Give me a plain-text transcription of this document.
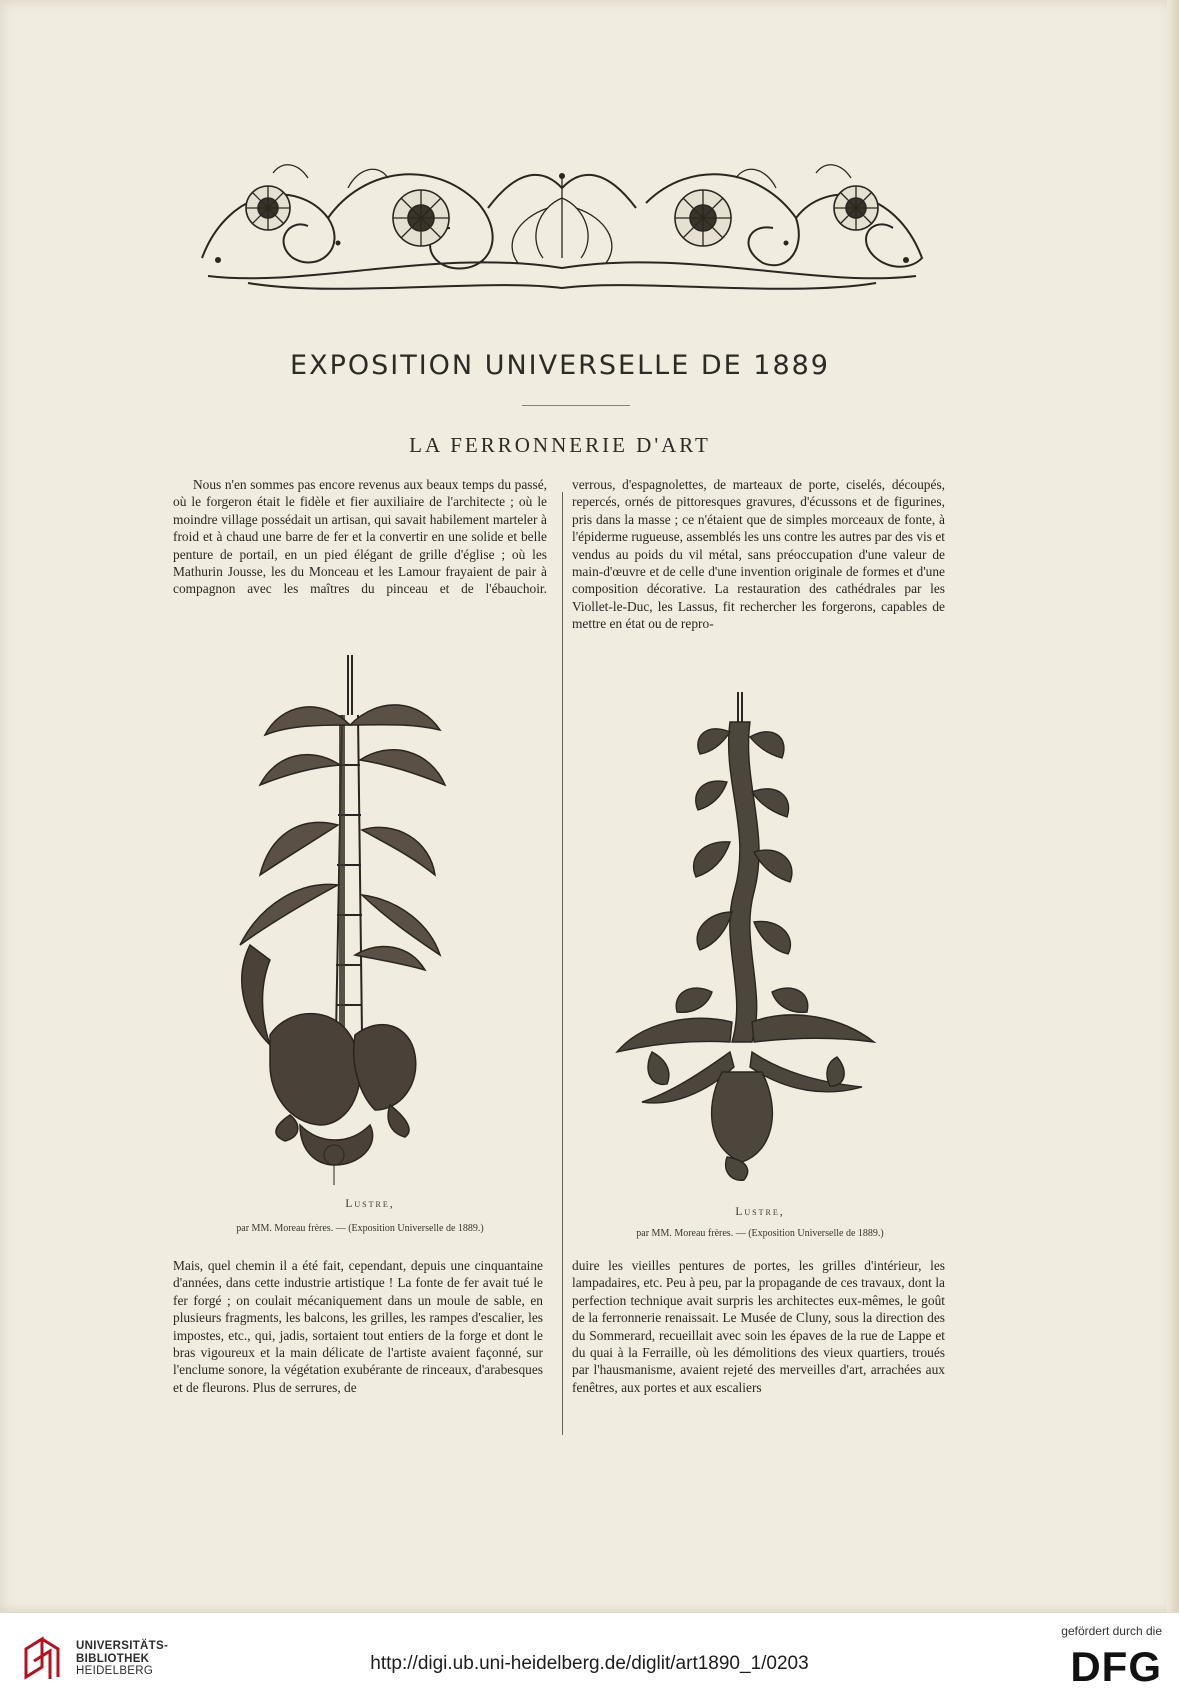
EXPOSITION UNIVERSELLE DE 1889
LA FERRONNERIE D'ART

Nous n'en sommes pas encore revenus aux beaux temps du passé, où le forgeron était le fidèle et fier auxiliaire de l'architecte ; où le moindre village possédait un artisan, qui savait habilement marteler à froid et à chaud une barre de fer et la convertir en une solide et belle penture de portail, en un pied élégant de grille d'église ; où les Mathurin Jousse, les du Monceau et les Lamour frayaient de pair à compagnon avec les maîtres du pinceau et de l'ébauchoir.

verrous, d'espagnolettes, de marteaux de porte, ciselés, découpés, repercés, ornés de pittoresques gravures, d'écussons et de figurines, pris dans la masse ; ce n'étaient que de simples morceaux de fonte, à l'épiderme rugueuse, assemblés les uns contre les autres par des vis et vendus au poids du vil métal, sans préoccupation d'une valeur de main-d'œuvre et de celle d'une invention originale de formes et d'une composition décorative. La restauration des cathédrales par les Viollet-le-Duc, les Lassus, fit rechercher les forgerons, capables de mettre en état ou de repro-

Lustre,

par MM. Moreau frères. — (Exposition Universelle de 1889.)

Lustre,

par MM. Moreau frères. — (Exposition Universelle de 1889.)

Mais, quel chemin il a été fait, cependant, depuis une cinquantaine d'années, dans cette industrie artistique ! La fonte de fer avait tué le fer forgé ; on coulait mécaniquement dans un moule de sable, en plusieurs fragments, les balcons, les grilles, les rampes d'escalier, les impostes, etc., qui, jadis, sortaient tout entiers de la forge et dont le bras vigoureux et la main délicate de l'artiste avaient façonné, sur l'enclume sonore, la végétation exubérante de rinceaux, d'arabesques et de fleurons. Plus de serrures, de

duire les vieilles pentures de portes, les grilles d'intérieur, les lampadaires, etc. Peu à peu, par la propagande de ces travaux, dont la perfection technique avait surpris les architectes eux-mêmes, le goût de la ferronnerie renaissait. Le Musée de Cluny, sous la direction des du Sommerard, recueillait avec soin les épaves de la rue de Lappe et du quai à la Ferraille, où les démolitions des vieux quartiers, troués par l'hausmanisme, avaient rejeté des merveilles d'art, arrachées aux fenêtres, aux portes et aux escaliers

UNIVERSITÄTS-
BIBLIOTHEK
HEIDELBERG	http://digi.ub.uni-heidelberg.de/diglit/art1890_1/0203
gefördert durch die
DFG
